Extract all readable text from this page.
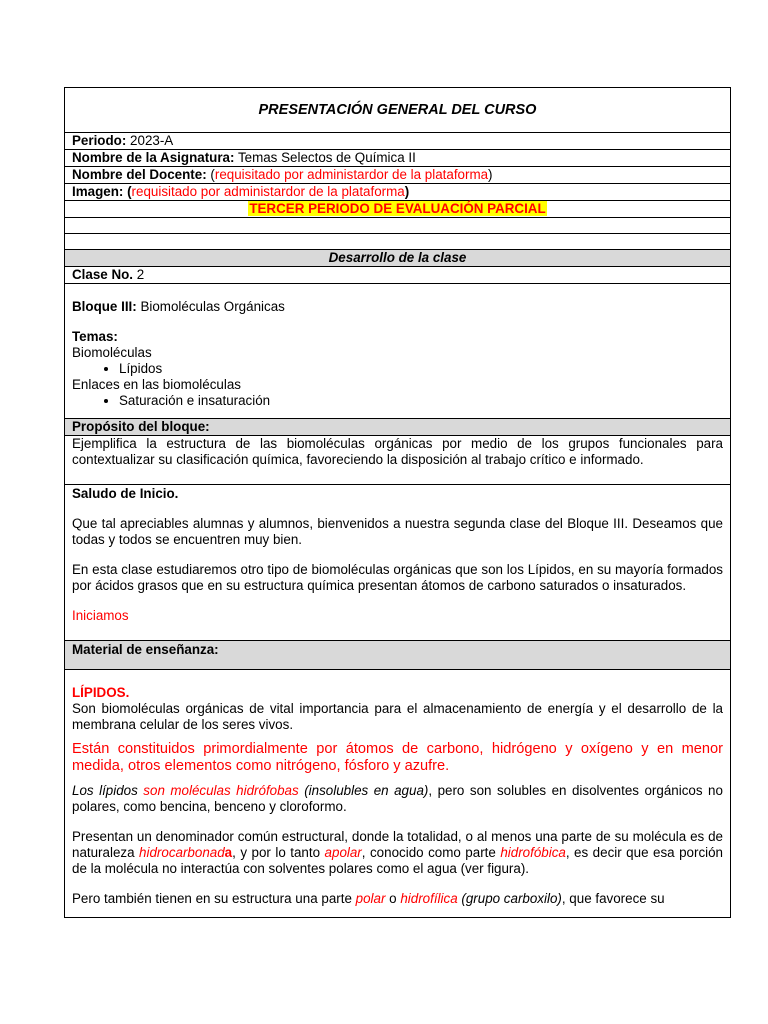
PRESENTACIÓN GENERAL DEL CURSO
Periodo: 2023-A
Nombre de la Asignatura: Temas Selectos de Química II
Nombre del Docente: (requisitado por administardor de la plataforma)
Imagen: (requisitado por administardor de la plataforma)
TERCER PERIODO DE EVALUACIÓN PARCIAL
Desarrollo de la clase
Clase No. 2

Bloque III: Biomoléculas Orgánicas

Temas:

Biomoléculas

• Lípidos

Enlaces en las biomoléculas

• Saturación e insaturación
Propósito del bloque:

Ejemplifica la estructura de las biomoléculas orgánicas por medio de los grupos funcionales para contextualizar su clasificación química, favoreciendo la disposición al trabajo crítico e informado.

Saludo de Inicio.

Que tal apreciables alumnas y alumnos, bienvenidos a nuestra segunda clase del Bloque III. Deseamos que todas y todos se encuentren muy bien.

En esta clase estudiaremos otro tipo de biomoléculas orgánicas que son los Lípidos, en su mayoría formados por ácidos grasos que en su estructura química presentan átomos de carbono saturados o insaturados.

Iniciamos

Material de enseñanza:

LÍPIDOS.

Son biomoléculas orgánicas de vital importancia para el almacenamiento de energía y el desarrollo de la membrana celular de los seres vivos.

Están constituidos primordialmente por átomos de carbono, hidrógeno y oxígeno y en menor medida, otros elementos como nitrógeno, fósforo y azufre.

Los lípidos son moléculas hidrófobas (insolubles en agua), pero son solubles en disolventes orgánicos no polares, como bencina, benceno y cloroformo.

Presentan un denominador común estructural, donde la totalidad, o al menos una parte de su molécula es de naturaleza hidrocarbonada, y por lo tanto apolar, conocido como parte hidrofóbica, es decir que esa porción de la molécula no interactúa con solventes polares como el agua (ver figura).

Pero también tienen en su estructura una parte polar o hidrofílica (grupo carboxilo), que favorece su
